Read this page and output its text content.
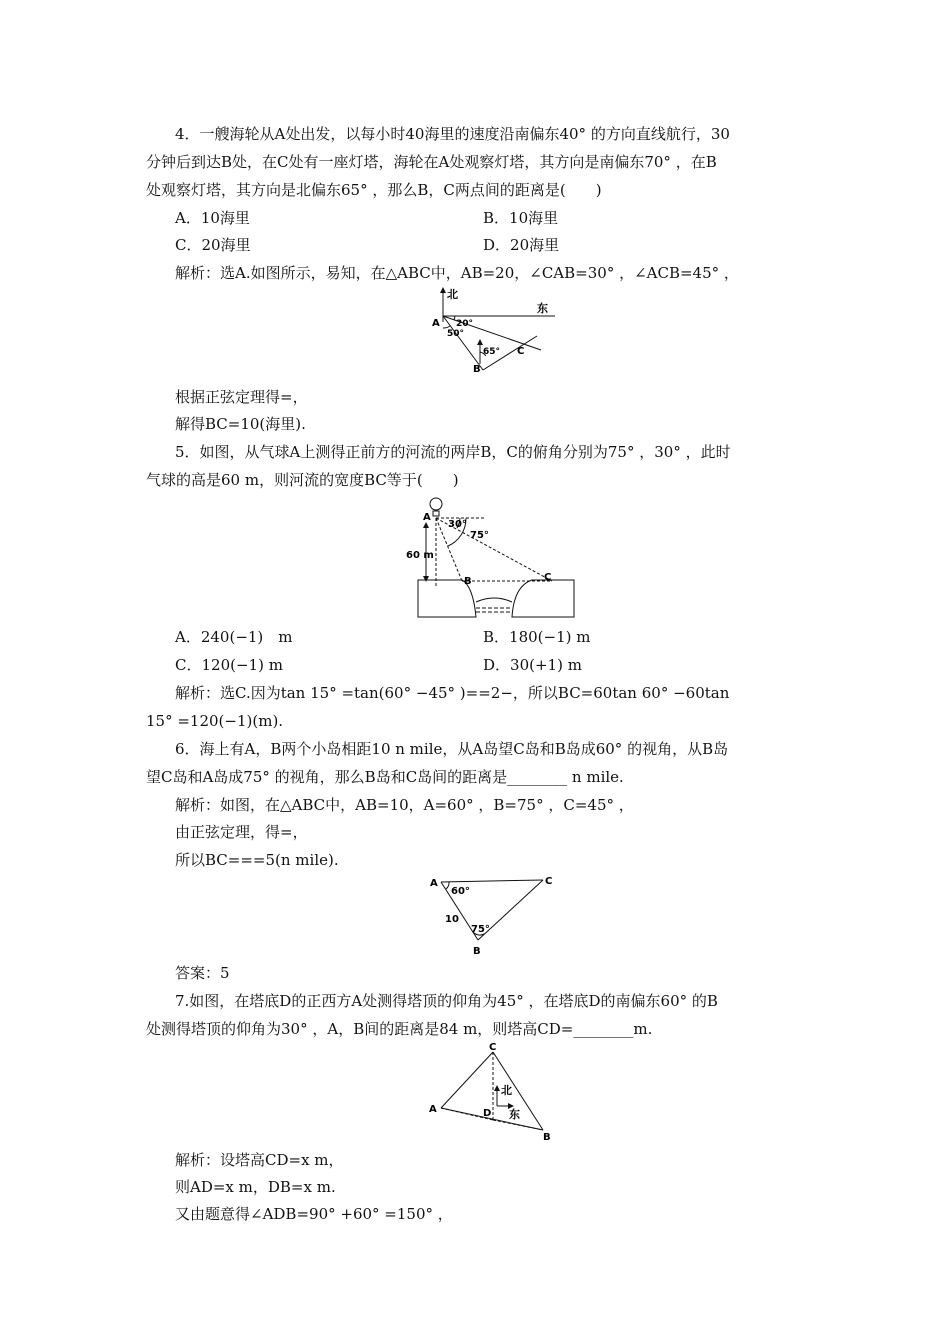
4．一艘海轮从A处出发，以每小时40海里的速度沿南偏东40° 的方向直线航行，30
分钟后到达B处，在C处有一座灯塔，海轮在A处观察灯塔，其方向是南偏东70° ，在B
处观察灯塔，其方向是北偏东65° ，那么B，C两点间的距离是(　　)
A．10海里	B．10海里
C．20海里	D．20海里
解析：选A.如图所示，易知，在△ABC中，AB=20，∠CAB=30° ，∠ACB=45° ，
北
东
A 20°
50°
65° C
B
根据正弦定理得=，
解得BC=10(海里).
5．如图，从气球A上测得正前方的河流的两岸B，C的俯角分别为75° ，30° ，此时
气球的高是60 m，则河流的宽度BC等于(　　)
A
30°
75°
60 m
B	C
A．240(−1)　m	B．180(−1) m
C．120(−1) m	D．30(+1) m
解析：选C.因为tan 15° =tan(60° −45° )==2−，所以BC=60tan 60° −60tan
15° =120(−1)(m).
6．海上有A，B两个小岛相距10 n mile，从A岛望C岛和B岛成60° 的视角，从B岛
望C岛和A岛成75° 的视角，那么B岛和C岛间的距离是________ n mile.
解析：如图，在△ABC中，AB=10，A=60° ，B=75° ，C=45° ，
由正弦定理，得=，
所以BC===5(n mile).
A
60°
C
10
75°
B
答案：5
7.如图，在塔底D的正西方A处测得塔顶的仰角为45° ，在塔底D的南偏东60° 的B
处测得塔顶的仰角为30° ，A，B间的距离是84 m，则塔高CD=________m.
C
北
D 东
A
B
解析：设塔高CD=x m，
则AD=x m，DB=x m.
又由题意得∠ADB=90° +60° =150° ，
